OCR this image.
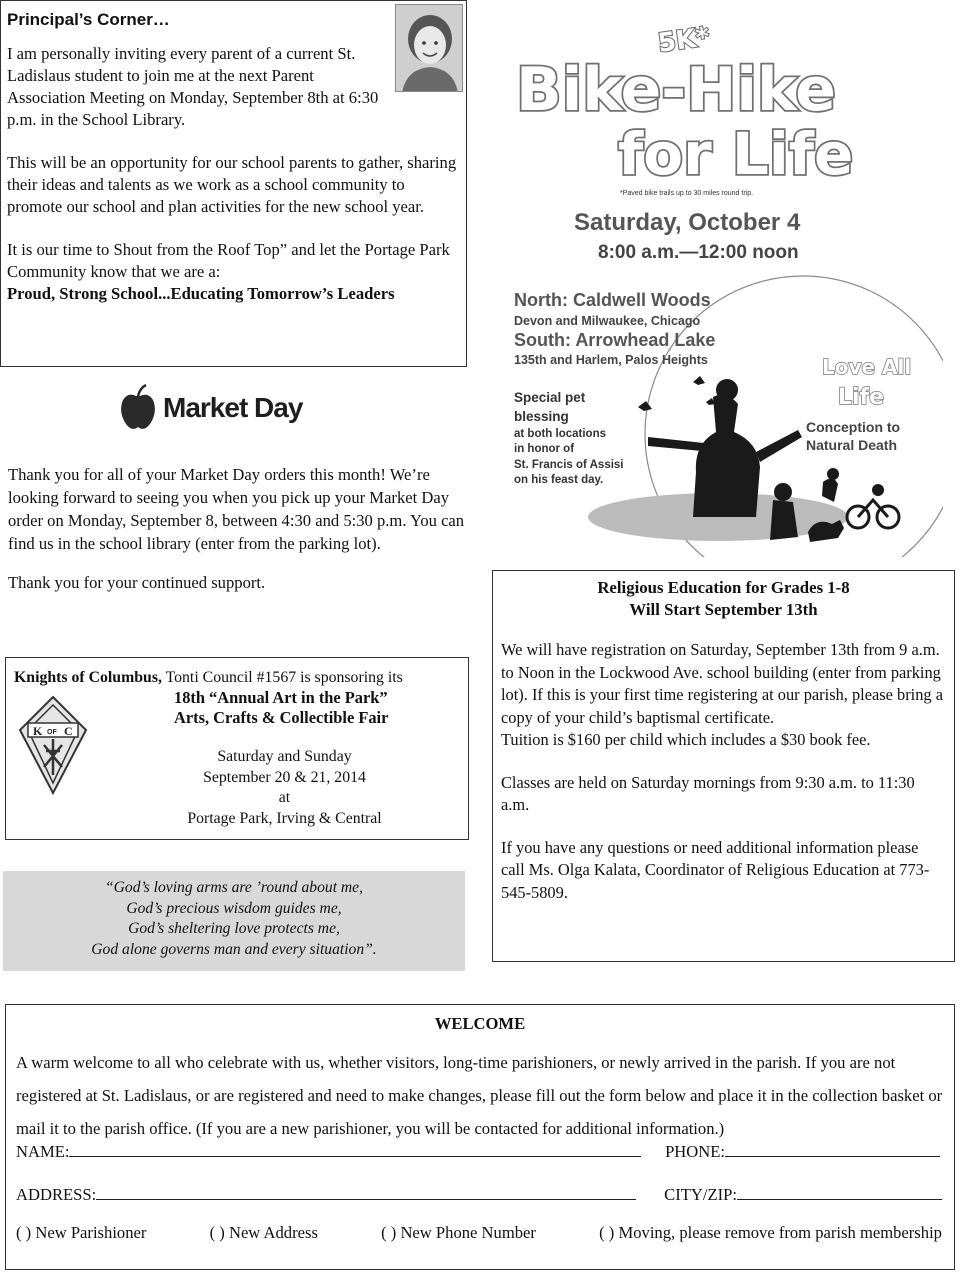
Principal’s Corner…

I am personally inviting every parent of a current St. Ladislaus student to join me at the next Parent Association Meeting on Monday, September 8th at 6:30 p.m. in the School Library.

This will be an opportunity for our school parents to gather, sharing their ideas and talents as we work as a school community to promote our school and plan activities for the new school year.

It is our time to Shout from the Roof Top” and let the Portage Park Community know that we are a:
Proud, Strong School...Educating Tomorrow’s Leaders
5K*
Bike-Hike
for Life
*Paved bike trails up to 30 miles round trip.
Saturday, October 4
8:00 a.m.—12:00 noon
North: Caldwell Woods
Devon and Milwaukee, Chicago
South: Arrowhead Lake
135th and Harlem, Palos Heights
Special pet
blessing
at both locations
in honor of
St. Francis of Assisi
on his feast day.
Love All
Life
Conception to
Natural Death
Market Day

Thank you for all of your Market Day orders this month! We’re looking forward to seeing you when you pick up your Market Day order on Monday, September 8, between 4:30 and 5:30 p.m. You can find us in the school library (enter from the parking lot).

Thank you for your continued support.

Knights of Columbus, Tonti Council #1567 is sponsoring its
18th “Annual Art in the Park”
Arts, Crafts & Collectible Fair
Saturday and Sunday
September 20 & 21, 2014
at
Portage Park, Irving & Central
K OF C
“God’s loving arms are ’round about me,
God’s precious wisdom guides me,
God’s sheltering love protects me,
God alone governs man and every situation”.
Religious Education for Grades 1-8
Will Start September 13th

We will have registration on Saturday, September 13th from 9 a.m. to Noon in the Lockwood Ave. school building (enter from parking lot). If this is your first time registering at our parish, please bring a copy of your child’s baptismal certificate.

Tuition is $160 per child which includes a $30 book fee.

Classes are held on Saturday mornings from 9:30 a.m. to 11:30 a.m.

If you have any questions or need additional information please call Ms. Olga Kalata, Coordinator of Religious Education at 773-545-5809.

WELCOME
A warm welcome to all who celebrate with us, whether visitors, long-time parishioners, or newly arrived in the parish. If you are not registered at St. Ladislaus, or are registered and need to make changes, please fill out the form below and place it in the collection basket or mail it to the parish office. (If you are a new parishioner, you will be contacted for additional information.)
NAME:	PHONE:
ADDRESS:	CITY/ZIP:
( ) New Parishioner	( ) New Address	( ) New Phone Number	( ) Moving, please remove from parish membership
